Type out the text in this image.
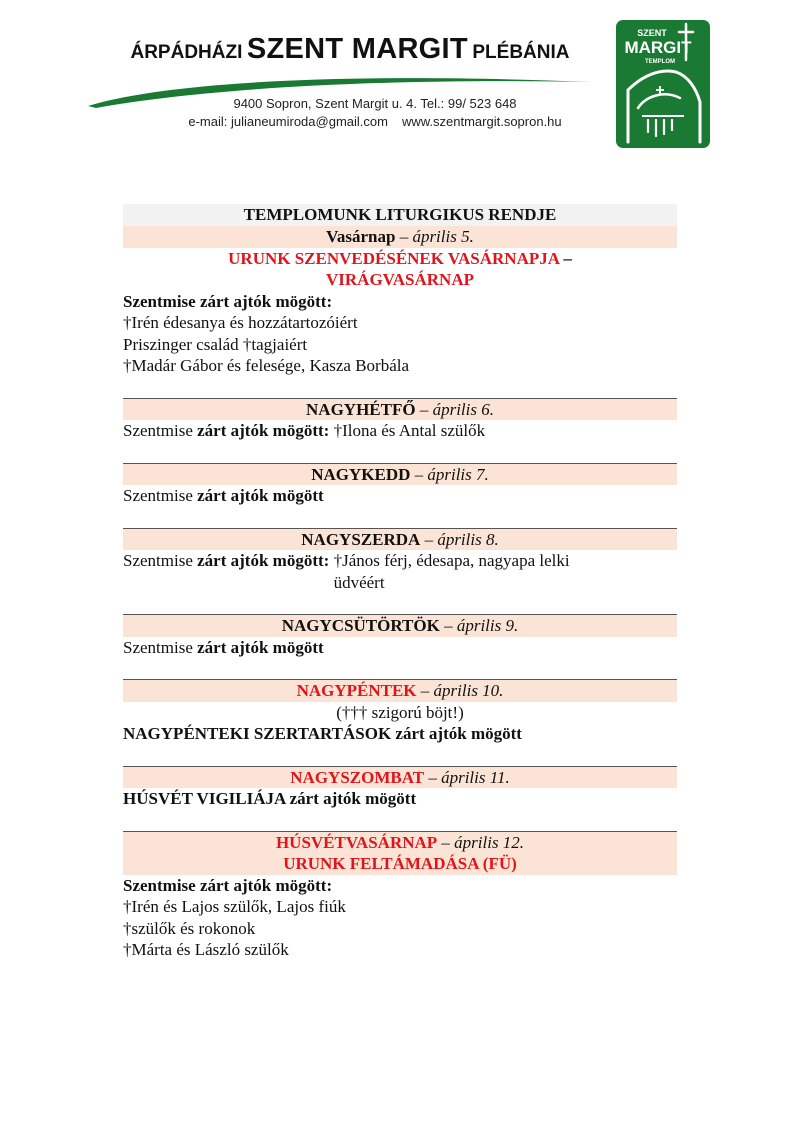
ÁRPÁDHÁZI SZENT MARGIT PLÉBÁNIA
9400 Sopron, Szent Margit u. 4. Tel.: 99/ 523 648
e-mail: julianeumiroda@gmail.com www.szentmargit.sopron.hu
SZENT
MARGIT
TEMPLOM
TEMPLOMUNK LITURGIKUS RENDJE
Vasárnap – április 5.
URUNK SZENVEDÉSÉNEK VASÁRNAPJA –
VIRÁGVASÁRNAP
Szentmise zárt ajtók mögött:
†Irén édesanya és hozzátartozóiért
Priszinger család †tagjaiért
†Madár Gábor és felesége, Kasza Borbála
NAGYHÉTFŐ – április 6.
Szentmise zárt ajtók mögött: †Ilona és Antal szülők
NAGYKEDD – április 7.
Szentmise zárt ajtók mögött
NAGYSZERDA – április 8.
Szentmise zárt ajtók mögött: †János férj, édesapa, nagyapa lelki üdvéért
NAGYCSÜTÖRTÖK – április 9.
Szentmise zárt ajtók mögött
NAGYPÉNTEK – április 10.
(††† szigorú böjt!)
NAGYPÉNTEKI SZERTARTÁSOK zárt ajtók mögött
NAGYSZOMBAT – április 11.
HÚSVÉT VIGILIÁJA zárt ajtók mögött
HÚSVÉTVASÁRNAP – április 12.
URUNK FELTÁMADÁSA (FÜ)
Szentmise zárt ajtók mögött:
†Irén és Lajos szülők, Lajos fiúk
†szülők és rokonok
†Márta és László szülők
